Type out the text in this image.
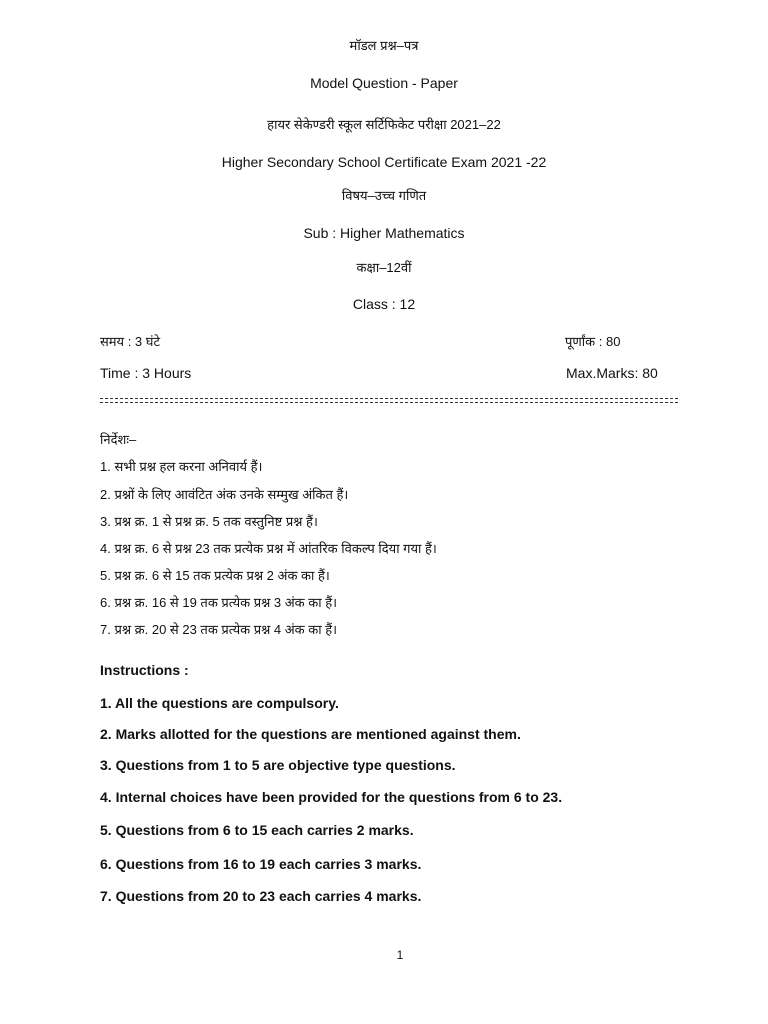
मॉडल प्रश्न–पत्र
Model Question - Paper
हायर सेकेण्डरी स्कूल सर्टिफिकेट परीक्षा 2021–22
Higher Secondary School Certificate Exam 2021 -22
विषय–उच्च गणित
Sub : Higher Mathematics
कक्षा–12वीं
Class : 12
समय : 3 घंटे	पूर्णांक : 80
Time : 3 Hours	Max.Marks: 80
निर्देशः–
1. सभी प्रश्न हल करना अनिवार्य हैं।
2. प्रश्नों के लिए आवंटित अंक उनके सम्मुख अंकित हैं।
3. प्रश्न क्र. 1 से प्रश्न क्र. 5 तक वस्तुनिष्ट प्रश्न हैं।
4. प्रश्न क्र. 6 से प्रश्न 23 तक प्रत्येक प्रश्न में आंतरिक विकल्प दिया गया हैं।
5. प्रश्न क्र. 6 से 15 तक प्रत्येक प्रश्न 2 अंक का हैं।
6. प्रश्न क्र. 16 से 19 तक प्रत्येक प्रश्न 3 अंक का हैं।
7. प्रश्न क्र. 20 से 23 तक प्रत्येक प्रश्न 4 अंक का हैं।
Instructions :
1. All the questions are compulsory.
2. Marks allotted for the questions are mentioned against them.
3. Questions from 1 to 5 are objective type questions.
4. Internal choices have been provided for the questions from 6 to 23.
5. Questions from 6 to 15 each carries 2 marks.
6. Questions from 16 to 19 each carries 3 marks.
7. Questions from 20 to 23 each carries 4 marks.
1
